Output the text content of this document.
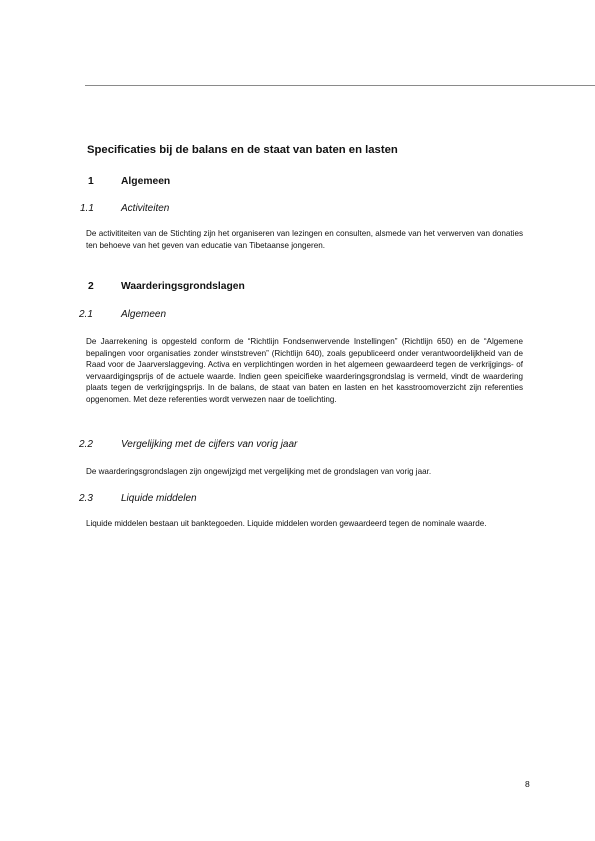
Specificaties bij de balans en de staat van baten en lasten
1	Algemeen
1.1	Activiteiten
De activititeiten van de Stichting zijn het organiseren van lezingen en consulten, alsmede van het verwerven van donaties ten behoeve van het geven van educatie van Tibetaanse jongeren.
2	Waarderingsgrondslagen
2.1	Algemeen
De Jaarrekening is opgesteld conform de “Richtlijn Fondsenwervende Instellingen” (Richtlijn 650) en de “Algemene bepalingen voor organisaties zonder winststreven” (Richtlijn 640), zoals gepubliceerd onder verantwoordelijkheid van de Raad voor de Jaarverslaggeving. Activa en verplichtingen worden in het algemeen gewaardeerd tegen de verkrijgings- of vervaardigingsprijs of de actuele waarde. Indien geen speicifieke waarderingsgrondslag is vermeld, vindt de waardering plaats tegen de verkrijgingsprijs. In de balans, de staat van baten en lasten en het kasstroomoverzicht zijn referenties opgenomen. Met deze referenties wordt verwezen naar de toelichting.
2.2	Vergelijking met de cijfers van vorig jaar
De waarderingsgrondslagen zijn ongewijzigd met vergelijking met de grondslagen van vorig jaar.
2.3	Liquide middelen
Liquide middelen bestaan uit banktegoeden. Liquide middelen worden gewaardeerd tegen de nominale waarde.
8
